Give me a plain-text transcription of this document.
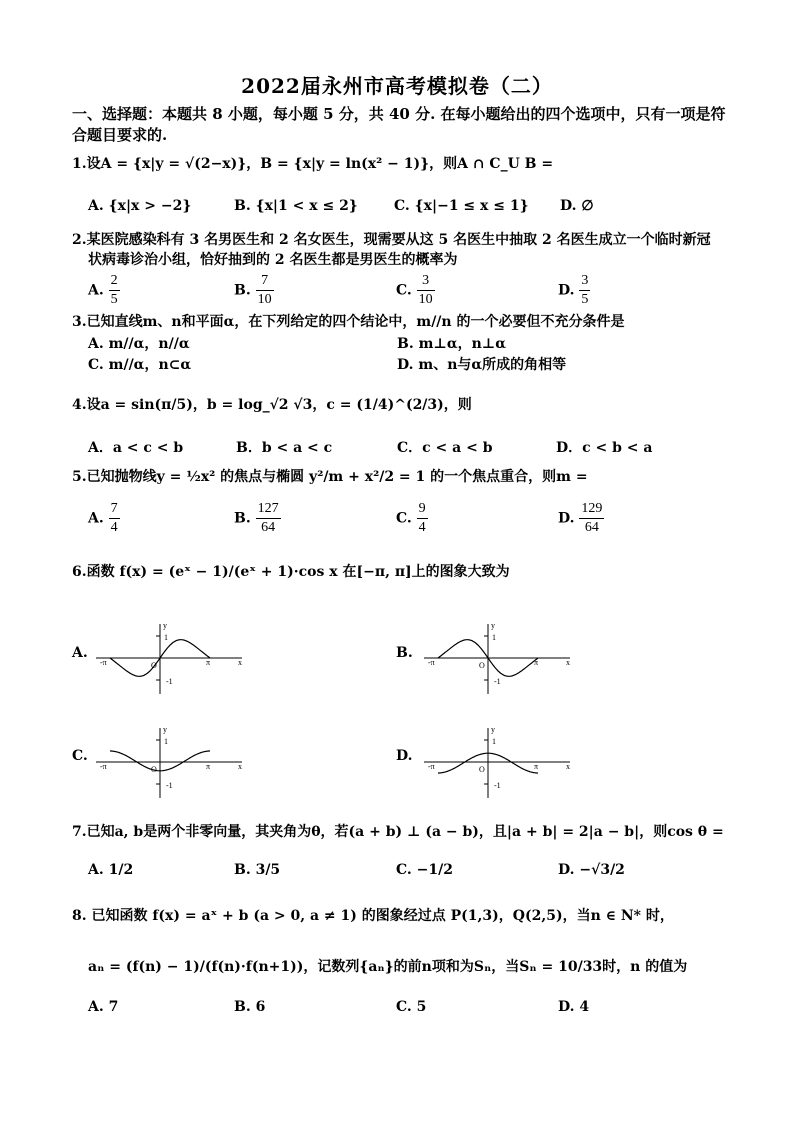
2022届永州市高考模拟卷（二）
一、选择题：本题共 8 小题，每小题 5 分，共 40 分. 在每小题给出的四个选项中，只有一项是符合题目要求的.
1.设A = {x|y = √(2−x)}，B = {x|y = ln(x² − 1)}，则A ∩ C_U B =
A. {x|x > −2}	B. {x|1 < x ≤ 2}	C. {x|−1 ≤ x ≤ 1} D. ∅
2.某医院感染科有 3 名男医生和 2 名女医生，现需要从这 5 名医生中抽取 2 名医生成立一个临时新冠
状病毒诊治小组，恰好抽到的 2 名医生都是男医生的概率为
A. $\frac{2}{5}$	B. $\frac{7}{10}$	C. $\frac{3}{10}$	D. $\frac{3}{5}$
3.已知直线m、n和平面α，在下列给定的四个结论中，m//n 的一个必要但不充分条件是
A. m//α，n//α	B. m⊥α，n⊥α
C. m//α，n⊂α	D. m、n与α所成的角相等
4.设a = sin(π/5)，b = log_√2 √3，c = (1/4)^(2/3)，则
A．a < c < b	B．b < a < c	C．c < a < b	D．c < b < a
5.已知抛物线y = ½x² 的焦点与椭圆 y²/m + x²/2 = 1 的一个焦点重合，则m =
A. $\frac{7}{4}$	B. $\frac{127}{64}$	C. $\frac{9}{4}$	D. $\frac{129}{64}$
6.函数 f(x) = (eˣ − 1)/(eˣ + 1)·cos x 在[−π, π]上的图象大致为
A.	B.
C.	D.
-π	π	x
y
1
-1
O	-π	π	x
y
1
-1
O
-π	π	x
y
1
-1
O	-π	π	x
y
1
-1
O
7.已知a, b是两个非零向量，其夹角为θ，若(a + b) ⊥ (a − b)，且|a + b| = 2|a − b|，则cos θ =
A. 1/2	B. 3/5	C. −1/2	D. −√3/2
8. 已知函数 f(x) = aˣ + b (a > 0, a ≠ 1) 的图象经过点 P(1,3)，Q(2,5)，当n ∈ N* 时，
aₙ = (f(n) − 1)/(f(n)·f(n+1))，记数列{aₙ}的前n项和为Sₙ，当Sₙ = 10/33时，n 的值为
A. 7	B. 6	C. 5	D. 4
